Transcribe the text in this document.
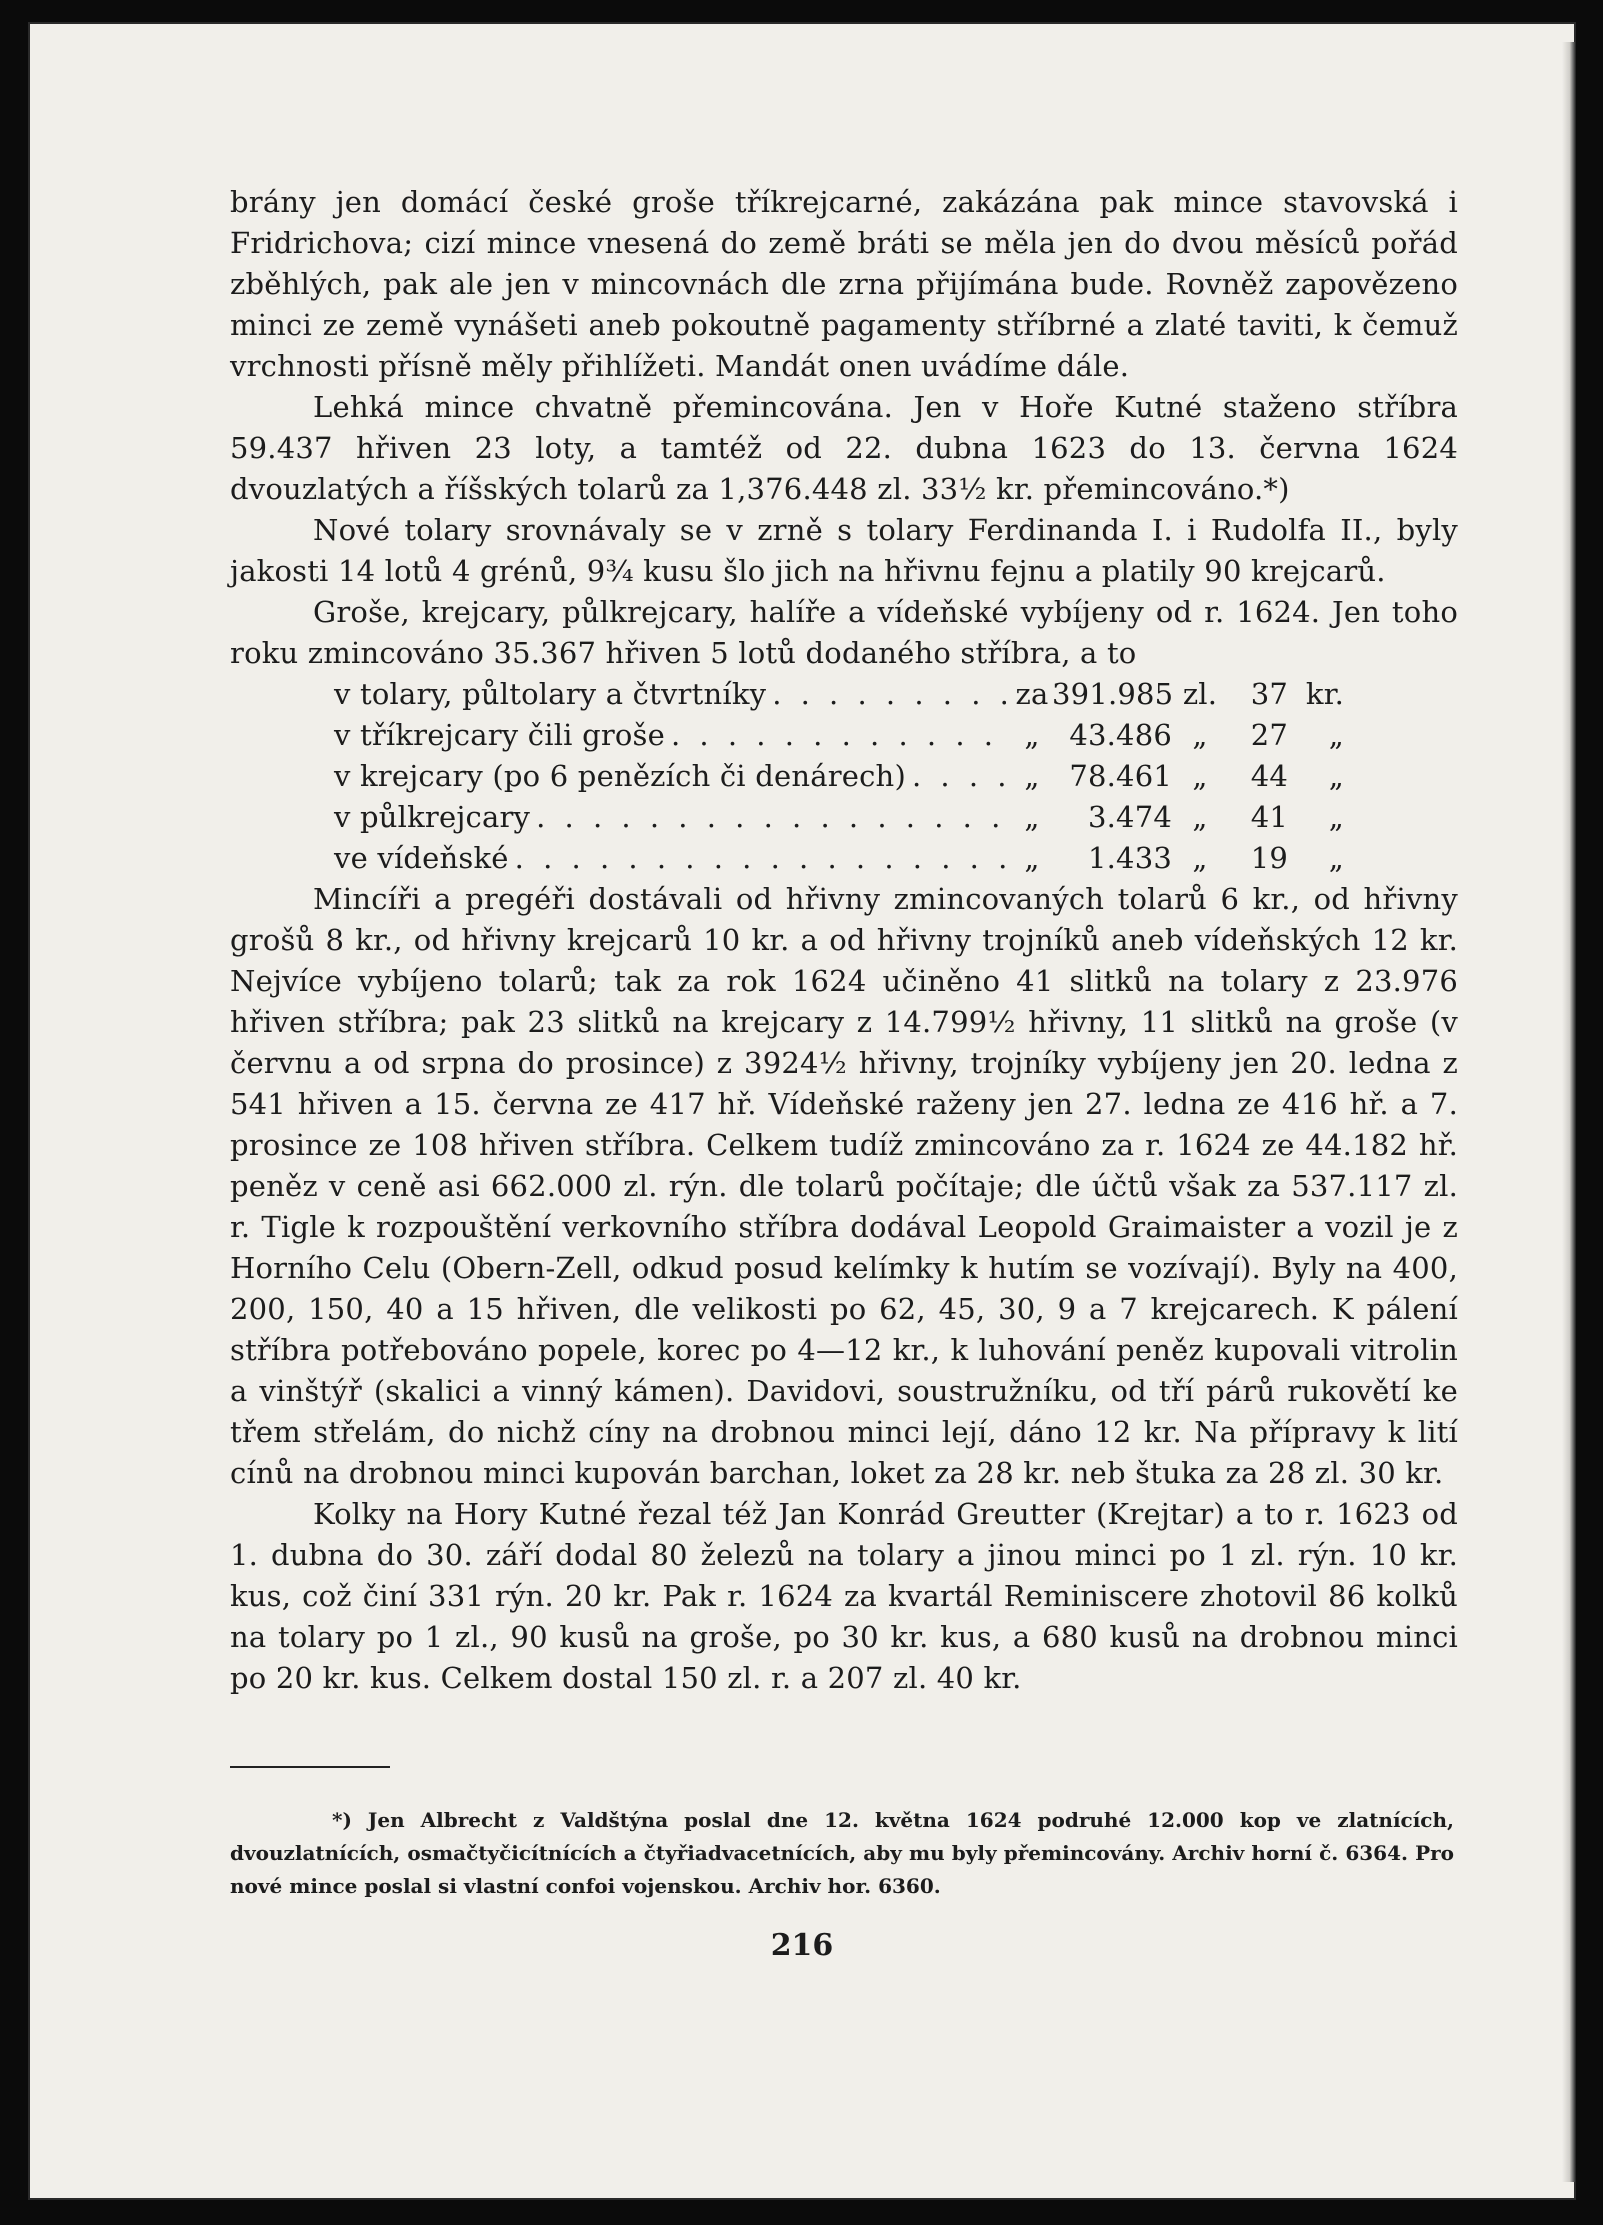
brány jen domácí české groše tříkrejcarné, zakázána pak mince stavovská i Fridrichova; cizí mince vnesená do země bráti se měla jen do dvou měsíců pořád zběhlých, pak ale jen v mincovnách dle zrna přijímána bude. Rovněž zapovězeno minci ze země vynášeti aneb pokoutně pagamenty stříbrné a zlaté taviti, k čemuž vrchnosti přísně měly přihlížeti. Mandát onen uvádíme dále.

Lehká mince chvatně přemincována. Jen v Hoře Kutné staženo stříbra 59.437 hřiven 23 loty, a tamtéž od 22. dubna 1623 do 13. června 1624 dvouzlatých a říšských tolarů za 1,376.448 zl. 33½ kr. přemincováno.*)

Nové tolary srovnávaly se v zrně s tolary Ferdinanda I. i Rudolfa II., byly jakosti 14 lotů 4 grénů, 9¾ kusu šlo jich na hřivnu fejnu a platily 90 krejcarů.

Groše, krejcary, půlkrejcary, halíře a vídeňské vybíjeny od r. 1624. Jen toho roku zmincováno 35.367 hřiven 5 lotů dodaného stříbra, a to

v tolary, půltolary a čtvrtníky . . .	za 391.985 zl.	37 kr.
v tříkrejcary čili groše . . .	„	43.486 „	27	„
v krejcary (po 6 penězích či denárech) . . .	„	78.461 „	44	„
v půlkrejcary . . .	„	3.474 „	41	„
ve vídeňské . . .	„	1.433 „	19	„

Mincíři a pregéři dostávali od hřivny zmincovaných tolarů 6 kr., od hřivny grošů 8 kr., od hřivny krejcarů 10 kr. a od hřivny trojníků aneb vídeňských 12 kr. Nejvíce vybíjeno tolarů; tak za rok 1624 učiněno 41 slitků na tolary z 23.976 hřiven stříbra; pak 23 slitků na krejcary z 14.799½ hřivny, 11 slitků na groše (v červnu a od srpna do prosince) z 3924½ hřivny, trojníky vybíjeny jen 20. ledna z 541 hřiven a 15. června ze 417 hř. Vídeňské raženy jen 27. ledna ze 416 hř. a 7. prosince ze 108 hřiven stříbra. Celkem tudíž zmincováno za r. 1624 ze 44.182 hř. peněz v ceně asi 662.000 zl. rýn. dle tolarů počítaje; dle účtů však za 537.117 zl. r. Tigle k rozpouštění verkovního stříbra dodával Leopold Graimaister a vozil je z Horního Celu (Obern-Zell, odkud posud kelímky k hutím se vozívají). Byly na 400, 200, 150, 40 a 15 hřiven, dle velikosti po 62, 45, 30, 9 a 7 krejcarech. K pálení stříbra potřebováno popele, korec po 4—12 kr., k luhování peněz kupovali vitrolin a vinštýř (skalici a vinný kámen). Davidovi, soustružníku, od tří párů rukovětí ke třem střelám, do nichž cíny na drobnou minci lejí, dáno 12 kr. Na přípravy k lití cínů na drobnou minci kupován barchan, loket za 28 kr. neb štuka za 28 zl. 30 kr.

Kolky na Hory Kutné řezal též Jan Konrád Greutter (Krejtar) a to r. 1623 od 1. dubna do 30. září dodal 80 železů na tolary a jinou minci po 1 zl. rýn. 10 kr. kus, což činí 331 rýn. 20 kr. Pak r. 1624 za kvartál Reminiscere zhotovil 86 kolků na tolary po 1 zl., 90 kusů na groše, po 30 kr. kus, a 680 kusů na drobnou minci po 20 kr. kus. Celkem dostal 150 zl. r. a 207 zl. 40 kr.

*) Jen Albrecht z Valdštýna poslal dne 12. května 1624 podruhé 12.000 kop ve zlatnících, dvouzlatnících, osmačtyčicítnících a čtyřiadvacetnících, aby mu byly přemincovány. Archiv horní č. 6364. Pro nové mince poslal si vlastní confoi vojenskou. Archiv hor. 6360.

216
